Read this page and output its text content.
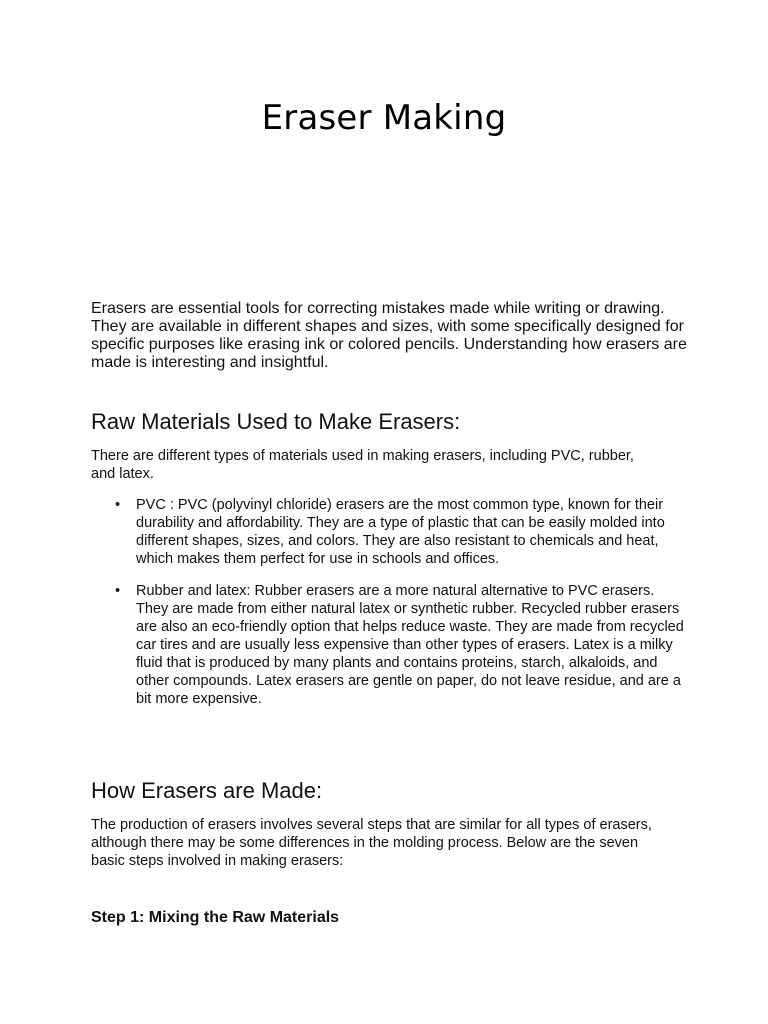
Eraser Making

Erasers are essential tools for correcting mistakes made while writing or drawing. They are available in different shapes and sizes, with some specifically designed for specific purposes like erasing ink or colored pencils. Understanding how erasers are made is interesting and insightful.

Raw Materials Used to Make Erasers:

There are different types of materials used in making erasers, including PVC, rubber, and latex.

• PVC : PVC (polyvinyl chloride) erasers are the most common type, known for their durability and affordability. They are a type of plastic that can be easily molded into different shapes, sizes, and colors. They are also resistant to chemicals and heat, which makes them perfect for use in schools and offices.
• Rubber and latex: Rubber erasers are a more natural alternative to PVC erasers. They are made from either natural latex or synthetic rubber. Recycled rubber erasers are also an eco-friendly option that helps reduce waste. They are made from recycled car tires and are usually less expensive than other types of erasers. Latex is a milky fluid that is produced by many plants and contains proteins, starch, alkaloids, and other compounds. Latex erasers are gentle on paper, do not leave residue, and are a bit more expensive.
How Erasers are Made:

The production of erasers involves several steps that are similar for all types of erasers, although there may be some differences in the molding process. Below are the seven basic steps involved in making erasers:

Step 1: Mixing the Raw Materials
